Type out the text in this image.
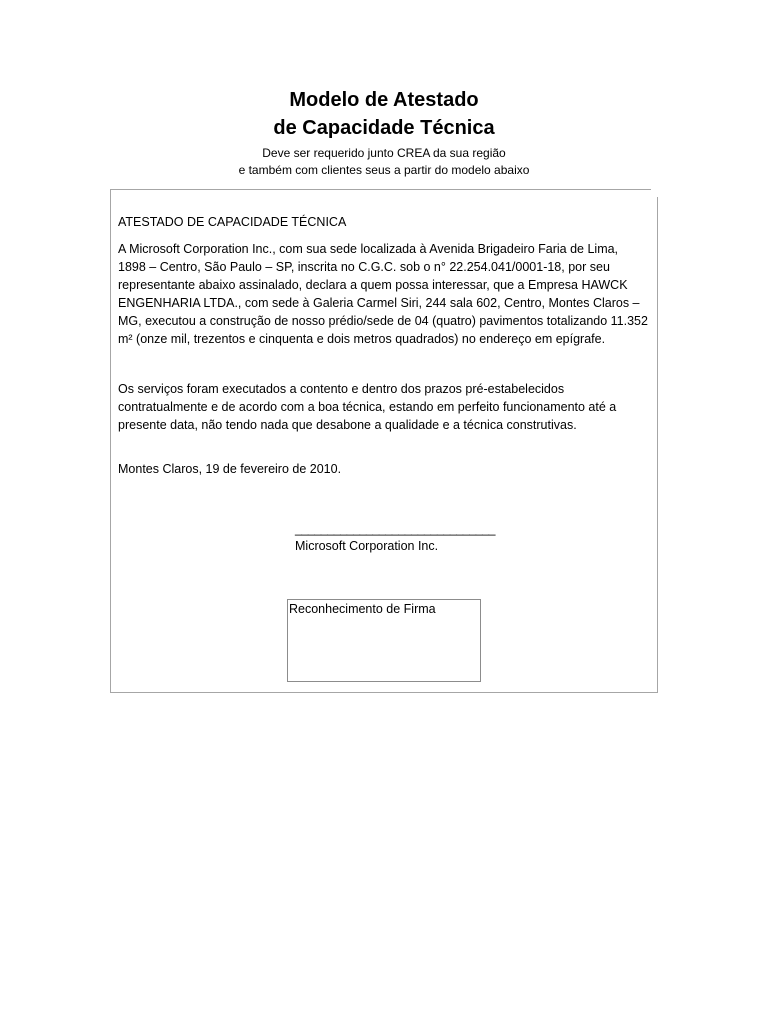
Modelo de Atestado

de Capacidade Técnica

Deve ser requerido junto CREA da sua região

e também com clientes seus a partir do modelo abaixo

ATESTADO DE CAPACIDADE TÉCNICA

A Microsoft Corporation Inc., com sua sede localizada à Avenida Brigadeiro Faria de Lima, 1898 – Centro, São Paulo – SP, inscrita no C.G.C. sob o n° 22.254.041/0001-18, por seu representante abaixo assinalado, declara a quem possa interessar, que a Empresa HAWCK ENGENHARIA LTDA., com sede à Galeria Carmel Siri, 244 sala 602, Centro, Montes Claros – MG, executou a construção de nosso prédio/sede de 04 (quatro) pavimentos totalizando 11.352 m² (onze mil, trezentos e cinquenta e dois metros quadrados) no endereço em epígrafe.

Os serviços foram executados a contento e dentro dos prazos pré-estabelecidos contratualmente e de acordo com a boa técnica, estando em perfeito funcionamento até a presente data, não tendo nada que desabone a qualidade e a técnica construtivas.

Montes Claros, 19 de fevereiro de 2010.

_______________________________

Microsoft Corporation Inc.

Reconhecimento de Firma
